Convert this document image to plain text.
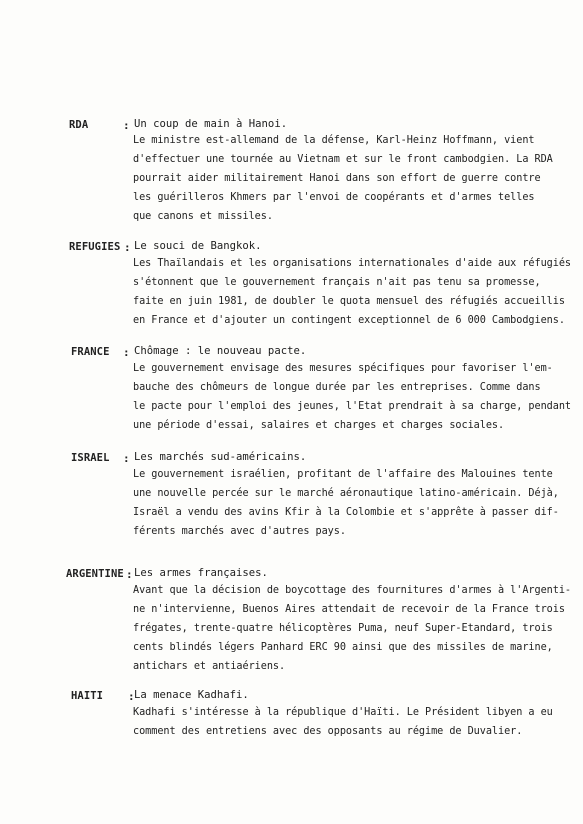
RDA	: Un coup de main à Hanoi.
Le ministre est-allemand de la défense, Karl-Heinz Hoffmann, vient
d'effectuer une tournée au Vietnam et sur le front cambodgien. La RDA
pourrait aider militairement Hanoi dans son effort de guerre contre
les guérilleros Khmers par l'envoi de coopérants et d'armes telles
que canons et missiles.
REFUGIES : Le souci de Bangkok.
Les Thaïlandais et les organisations internationales d'aide aux réfugiés
s'étonnent que le gouvernement français n'ait pas tenu sa promesse,
faite en juin 1981, de doubler le quota mensuel des réfugiés accueillis
en France et d'ajouter un contingent exceptionnel de 6 000 Cambodgiens.
FRANCE : Chômage : le nouveau pacte.
Le gouvernement envisage des mesures spécifiques pour favoriser l'em-
bauche des chômeurs de longue durée par les entreprises. Comme dans
le pacte pour l'emploi des jeunes, l'Etat prendrait à sa charge, pendant
une période d'essai, salaires et charges et charges sociales.
ISRAEL : Les marchés sud-américains.
Le gouvernement israélien, profitant de l'affaire des Malouines tente
une nouvelle percée sur le marché aéronautique latino-américain. Déjà,
Israël a vendu des avins Kfir à la Colombie et s'apprête à passer dif-
férents marchés avec d'autres pays.
ARGENTINE : Les armes françaises.
Avant que la décision de boycottage des fournitures d'armes à l'Argenti-
ne n'intervienne, Buenos Aires attendait de recevoir de la France trois
frégates, trente-quatre hélicoptères Puma, neuf Super-Etandard, trois
cents blindés légers Panhard ERC 90 ainsi que des missiles de marine,
antichars et antiaériens.
HAITI : La menace Kadhafi.
Kadhafi s'intéresse à la république d'Haïti. Le Président libyen a eu
comment des entretiens avec des opposants au régime de Duvalier.
